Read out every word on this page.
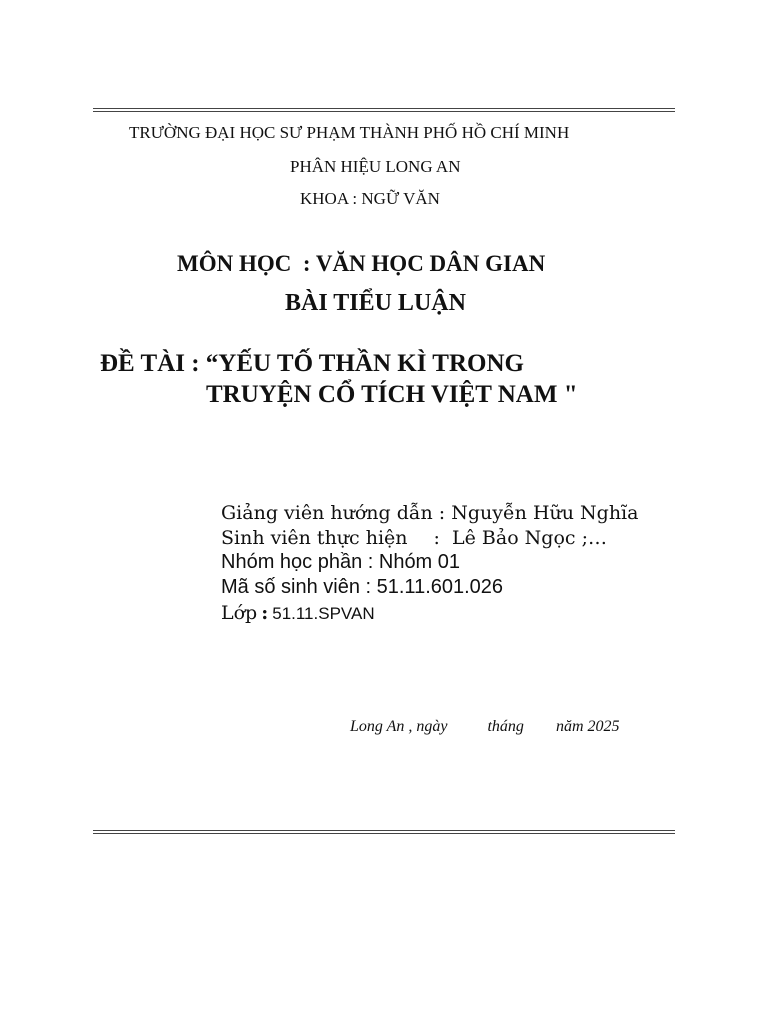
TRƯỜNG ĐẠI HỌC SƯ PHẠM THÀNH PHỐ HỒ CHÍ MINH
PHÂN HIỆU LONG AN
KHOA : NGỮ VĂN
MÔN HỌC  : VĂN HỌC DÂN GIAN
BÀI TIỂU LUẬN
ĐỀ TÀI : “YẾU TỐ THẦN KÌ TRONG
TRUYỆN CỔ TÍCH VIỆT NAM "
Giảng viên hướng dẫn : Nguyễn Hữu Nghĩa
Sinh viên thực hiện :  Lê Bảo Ngọc ;…
Nhóm học phần : Nhóm 01
Mã số sinh viên : 51.11.601.026
Lớp : 51.11.SPVAN
Long An , ngày	tháng năm 2025
